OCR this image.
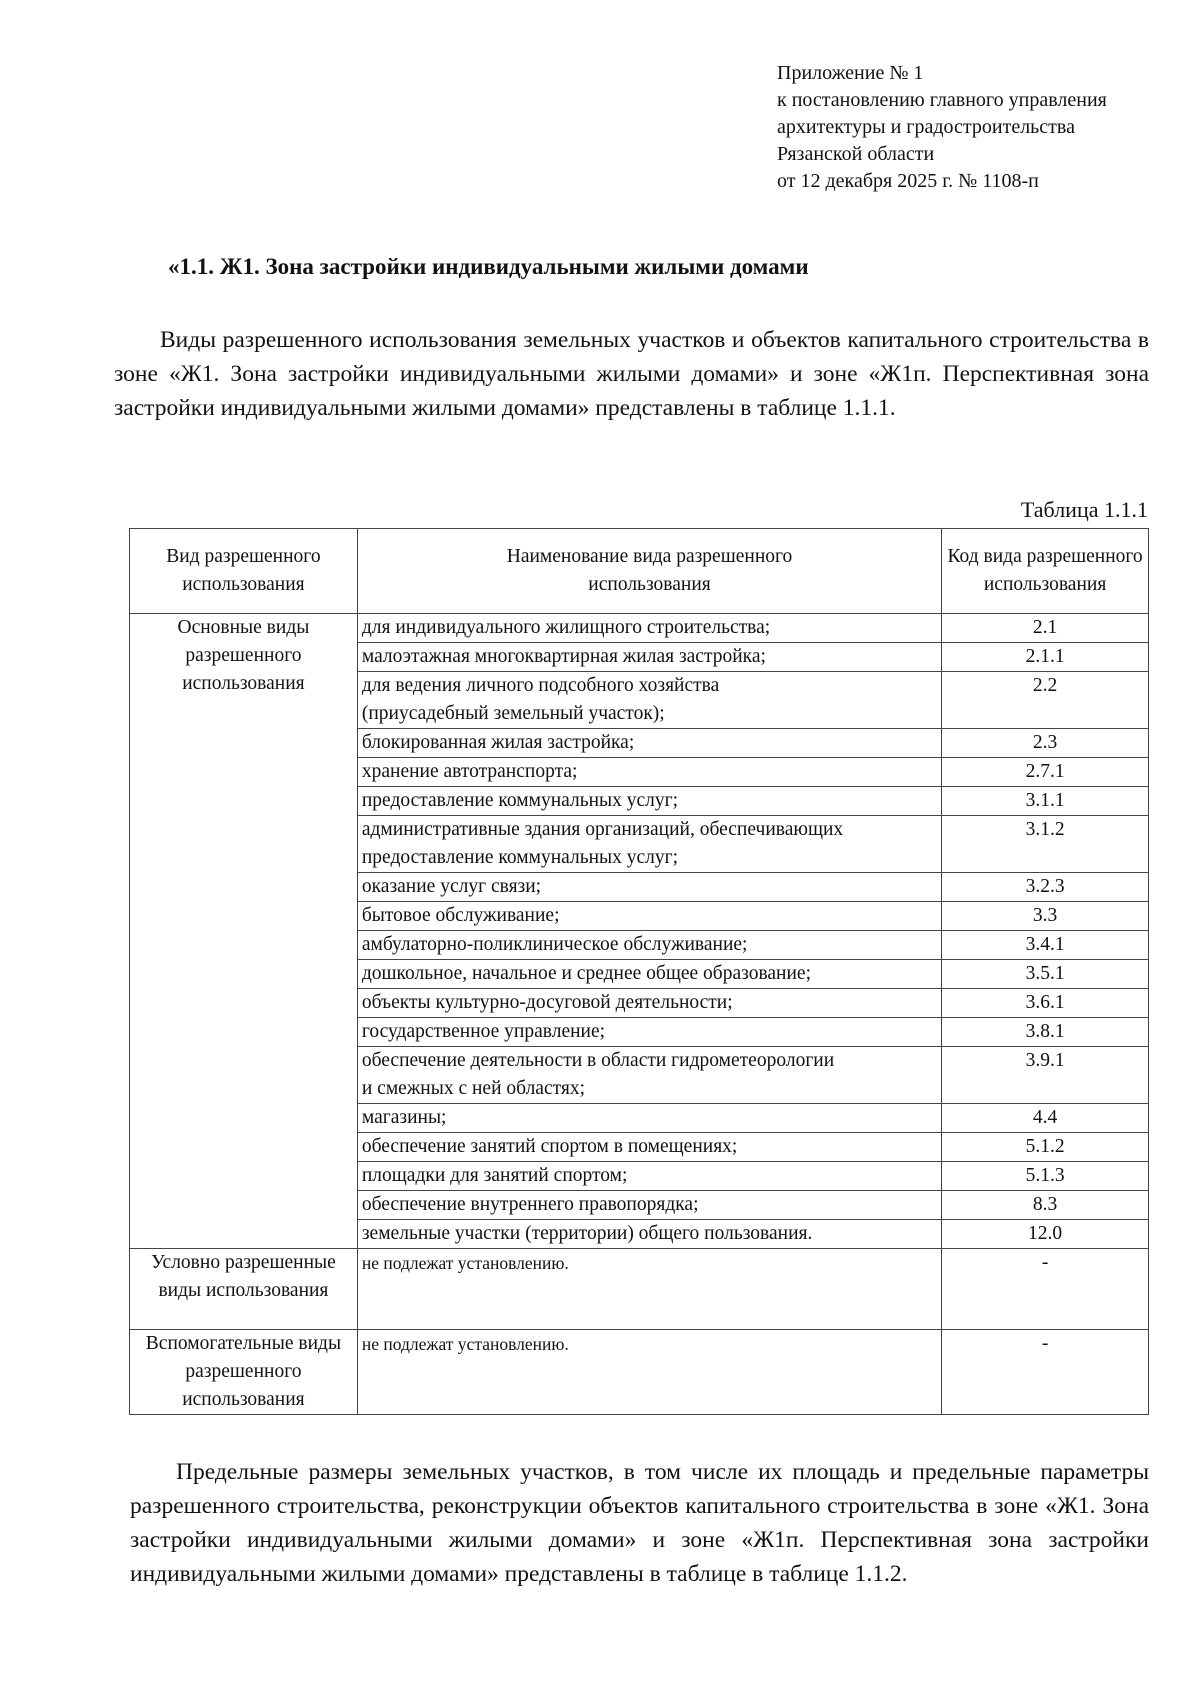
Приложение № 1
к постановлению главного управления
архитектуры и градостроительства
Рязанской области
от 12 декабря 2025 г. № 1108-п
«1.1. Ж1. Зона застройки индивидуальными жилыми домами

Виды разрешенного использования земельных участков и объектов капитального строительства в зоне «Ж1. Зона застройки индивидуальными жилыми домами» и зоне «Ж1п. Перспективная зона застройки индивидуальными жилыми домами» представлены в таблице 1.1.1.

Таблица 1.1.1
Вид разрешенного использования	Наименование вида разрешенного использования	Код вида разрешенного использования
Основные виды разрешенного использования	для индивидуального жилищного строительства;	2.1
	малоэтажная многоквартирная жилая застройка;	2.1.1
	для ведения личного подсобного хозяйства (приусадебный земельный участок);	2.2
	блокированная жилая застройка;	2.3
	хранение автотранспорта;	2.7.1
	предоставление коммунальных услуг;	3.1.1
	административные здания организаций, обеспечивающих предоставление коммунальных услуг;	3.1.2
	оказание услуг связи;	3.2.3
	бытовое обслуживание;	3.3
	амбулаторно-поликлиническое обслуживание;	3.4.1
	дошкольное, начальное и среднее общее образование;	3.5.1
	объекты культурно-досуговой деятельности;	3.6.1
	государственное управление;	3.8.1
	обеспечение деятельности в области гидрометеорологии и смежных с ней областях;	3.9.1
	магазины;	4.4
	обеспечение занятий спортом в помещениях;	5.1.2
	площадки для занятий спортом;	5.1.3
	обеспечение внутреннего правопорядка;	8.3
	земельные участки (территории) общего пользования.	12.0
Условно разрешенные виды использования	не подлежат установлению.	-
Вспомогательные виды разрешенного использования	не подлежат установлению.	-

Предельные размеры земельных участков, в том числе их площадь и предельные параметры разрешенного строительства, реконструкции объектов капитального строительства в зоне «Ж1. Зона застройки индивидуальными жилыми домами» и зоне «Ж1п. Перспективная зона застройки индивидуальными жилыми домами» представлены в таблице в таблице 1.1.2.
